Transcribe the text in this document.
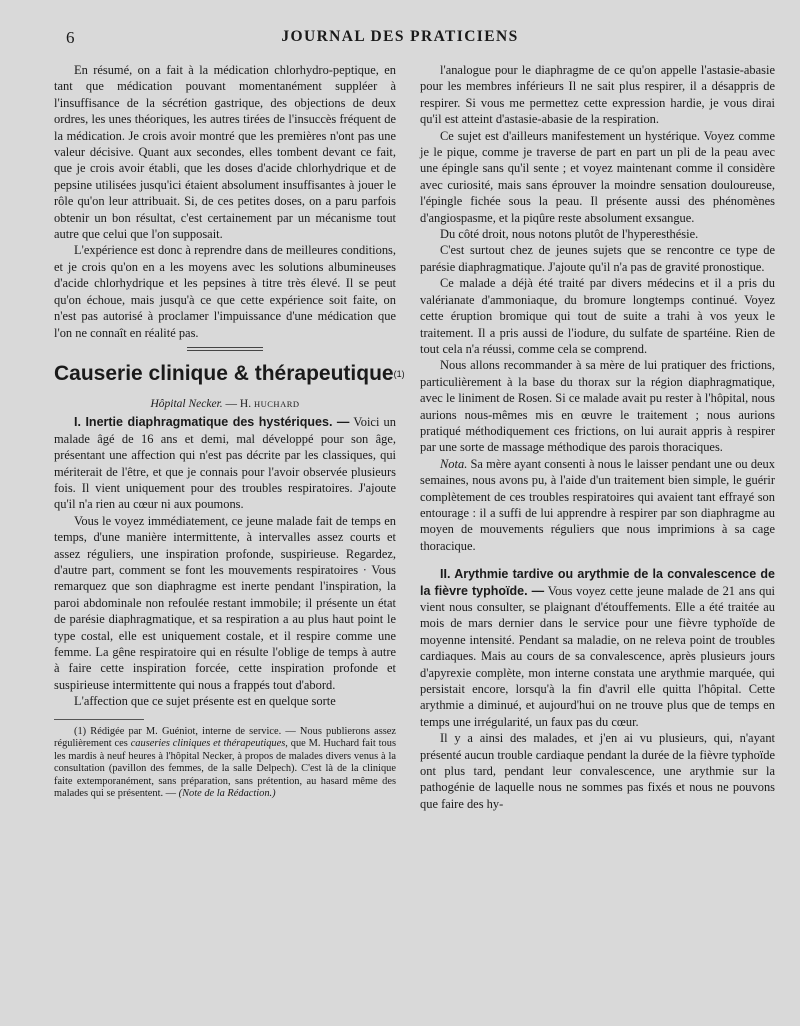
6	JOURNAL DES PRATICIENS

En résumé, on a fait à la médication chlorhydro-peptique, en tant que médication pouvant momentanément suppléer à l'insuffisance de la sécrétion gastrique, des objections de deux ordres, les unes théoriques, les autres tirées de l'insuccès fréquent de la médication. Je crois avoir montré que les premières n'ont pas une valeur décisive. Quant aux secondes, elles tombent devant ce fait, que je crois avoir établi, que les doses d'acide chlorhydrique et de pepsine utilisées jusqu'ici étaient absolument insuffisantes à jouer le rôle qu'on leur attribuait. Si, de ces petites doses, on a paru parfois obtenir un bon résultat, c'est certainement par un mécanisme tout autre que celui que l'on supposait.

L'expérience est donc à reprendre dans de meilleures conditions, et je crois qu'on en a les moyens avec les solutions albumineuses d'acide chlorhydrique et les pepsines à titre très élevé. Il se peut qu'on échoue, mais jusqu'à ce que cette expérience soit faite, on n'est pas autorisé à proclamer l'impuissance d'une médication que l'on ne connaît en réalité pas.

Causerie clinique & thérapeutique$^{(1)}$
Hôpital Necker. — H. HUCHARD

I. Inertie diaphragmatique des hystériques. — Voici un malade âgé de 16 ans et demi, mal développé pour son âge, présentant une affection qui n'est pas décrite par les classiques, qui mériterait de l'être, et que je connais pour l'avoir observée plusieurs fois. Il vient uniquement pour des troubles respiratoires. J'ajoute qu'il n'a rien au cœur ni aux poumons.

Vous le voyez immédiatement, ce jeune malade fait de temps en temps, d'une manière intermittente, à intervalles assez courts et assez réguliers, une inspiration profonde, suspirieuse. Regardez, d'autre part, comment se font les mouvements respiratoires · Vous remarquez que son diaphragme est inerte pendant l'inspiration, la paroi abdominale non refoulée restant immobile; il présente un état de parésie diaphragmatique, et sa respiration a au plus haut point le type costal, elle est uniquement costale, et il respire comme une femme. La gêne respiratoire qui en résulte l'oblige de temps à autre à faire cette inspiration forcée, cette inspiration profonde et suspirieuse intermittente qui nous a frappés tout d'abord.

L'affection que ce sujet présente est en quelque sorte

(1) Rédigée par M. Guéniot, interne de service. — Nous publierons assez régulièrement ces causeries cliniques et thérapeutiques, que M. Huchard fait tous les mardis à neuf heures à l'hôpital Necker, à propos de malades divers venus à la consultation (pavillon des femmes, de la salle Delpech). C'est là de la clinique faite extemporanément, sans préparation, sans prétention, au hasard même des malades qui se présentent. — (Note de la Rédaction.)

l'analogue pour le diaphragme de ce qu'on appelle l'astasie-abasie pour les membres inférieurs Il ne sait plus respirer, il a désappris de respirer. Si vous me permettez cette expression hardie, je vous dirai qu'il est atteint d'astasie-abasie de la respiration.

Ce sujet est d'ailleurs manifestement un hystérique. Voyez comme je le pique, comme je traverse de part en part un pli de la peau avec une épingle sans qu'il sente ; et voyez maintenant comme il considère avec curiosité, mais sans éprouver la moindre sensation douloureuse, l'épingle fichée sous la peau. Il présente aussi des phénomènes d'angiospasme, et la piqûre reste absolument exsangue.

Du côté droit, nous notons plutôt de l'hyperesthésie.

C'est surtout chez de jeunes sujets que se rencontre ce type de parésie diaphragmatique. J'ajoute qu'il n'a pas de gravité pronostique.

Ce malade a déjà été traité par divers médecins et il a pris du valérianate d'ammoniaque, du bromure longtemps continué. Voyez cette éruption bromique qui tout de suite a trahi à vos yeux le traitement. Il a pris aussi de l'iodure, du sulfate de spartéine. Rien de tout cela n'a réussi, comme cela se comprend.

Nous allons recommander à sa mère de lui pratiquer des frictions, particulièrement à la base du thorax sur la région diaphragmatique, avec le liniment de Rosen. Si ce malade avait pu rester à l'hôpital, nous aurions nous-mêmes mis en œuvre le traitement ; nous aurions pratiqué méthodiquement ces frictions, on lui aurait appris à respirer par une sorte de massage méthodique des parois thoraciques.

Nota. Sa mère ayant consenti à nous le laisser pendant une ou deux semaines, nous avons pu, à l'aide d'un traitement bien simple, le guérir complètement de ces troubles respiratoires qui avaient tant effrayé son entourage : il a suffi de lui apprendre à respirer par son diaphragme au moyen de mouvements réguliers que nous imprimions à sa cage thoracique.

II. Arythmie tardive ou arythmie de la convalescence de la fièvre typhoïde. — Vous voyez cette jeune malade de 21 ans qui vient nous consulter, se plaignant d'étouffements. Elle a été traitée au mois de mars dernier dans le service pour une fièvre typhoïde de moyenne intensité. Pendant sa maladie, on ne releva point de troubles cardiaques. Mais au cours de sa convalescence, après plusieurs jours d'apyrexie complète, mon interne constata une arythmie marquée, qui persistait encore, lorsqu'à la fin d'avril elle quitta l'hôpital. Cette arythmie a diminué, et aujourd'hui on ne trouve plus que de temps en temps une irrégularité, un faux pas du cœur.

Il y a ainsi des malades, et j'en ai vu plusieurs, qui, n'ayant présenté aucun trouble cardiaque pendant la durée de la fièvre typhoïde ont plus tard, pendant leur convalescence, une arythmie sur la pathogénie de laquelle nous ne sommes pas fixés et nous ne pouvons que faire des hy-
